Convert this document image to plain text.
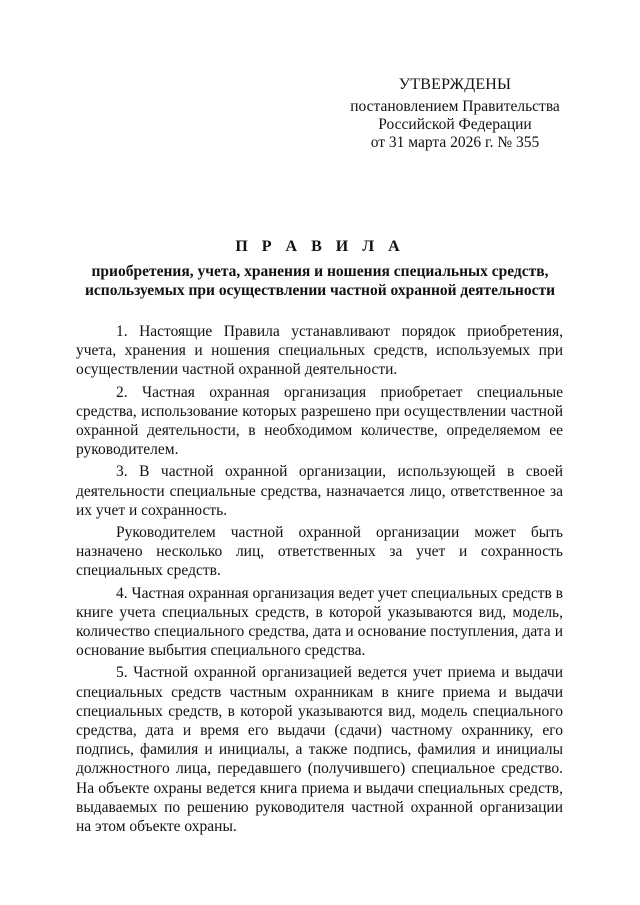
УТВЕРЖДЕНЫ
постановлением Правительства
Российской Федерации
от 31 марта 2026 г. № 355
П Р А В И Л А
приобретения, учета, хранения и ношения специальных средств,
используемых при осуществлении частной охранной деятельности

1. Настоящие Правила устанавливают порядок приобретения, учета, хранения и ношения специальных средств, используемых при осуществлении частной охранной деятельности.

2. Частная охранная организация приобретает специальные средства, использование которых разрешено при осуществлении частной охранной деятельности, в необходимом количестве, определяемом ее руководителем.

3. В частной охранной организации, использующей в своей деятельности специальные средства, назначается лицо, ответственное за их учет и сохранность.

Руководителем частной охранной организации может быть назначено несколько лиц, ответственных за учет и сохранность специальных средств.

4. Частная охранная организация ведет учет специальных средств в книге учета специальных средств, в которой указываются вид, модель, количество специального средства, дата и основание поступления, дата и основание выбытия специального средства.

5. Частной охранной организацией ведется учет приема и выдачи специальных средств частным охранникам в книге приема и выдачи специальных средств, в которой указываются вид, модель специального средства, дата и время его выдачи (сдачи) частному охраннику, его подпись, фамилия и инициалы, а также подпись, фамилия и инициалы должностного лица, передавшего (получившего) специальное средство. На объекте охраны ведется книга приема и выдачи специальных средств, выдаваемых по решению руководителя частной охранной организации на этом объекте охраны.
